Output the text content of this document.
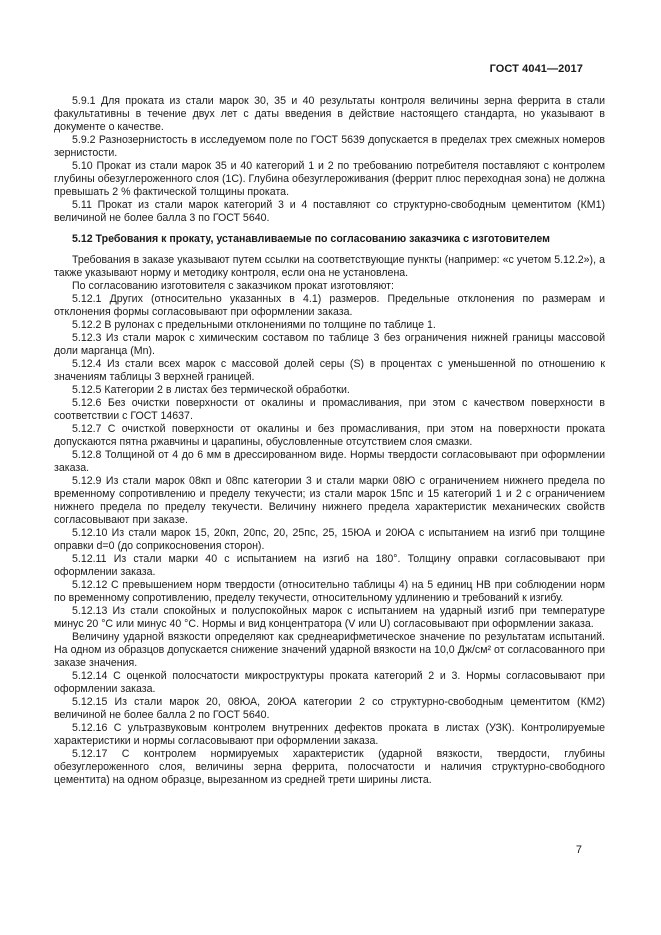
ГОСТ 4041—2017

5.9.1 Для проката из стали марок 30, 35 и 40 результаты контроля величины зерна феррита в стали факультативны в течение двух лет с даты введения в действие настоящего стандарта, но указывают в документе о качестве.

5.9.2 Разнозернистость в исследуемом поле по ГОСТ 5639 допускается в пределах трех смежных номеров зернистости.

5.10 Прокат из стали марок 35 и 40 категорий 1 и 2 по требованию потребителя поставляют с контролем глубины обезуглероженного слоя (1С). Глубина обезуглероживания (феррит плюс переходная зона) не должна превышать 2 % фактической толщины проката.

5.11 Прокат из стали марок категорий 3 и 4 поставляют со структурно-свободным цементитом (КМ1) величиной не более балла 3 по ГОСТ 5640.

5.12 Требования к прокату, устанавливаемые по согласованию заказчика с изготовителем

Требования в заказе указывают путем ссылки на соответствующие пункты (например: «с учетом 5.12.2»), а также указывают норму и методику контроля, если она не установлена.

По согласованию изготовителя с заказчиком прокат изготовляют:

5.12.1 Других (относительно указанных в 4.1) размеров. Предельные отклонения по размерам и отклонения формы согласовывают при оформлении заказа.

5.12.2 В рулонах с предельными отклонениями по толщине по таблице 1.

5.12.3 Из стали марок с химическим составом по таблице 3 без ограничения нижней границы массовой доли марганца (Mn).

5.12.4 Из стали всех марок с массовой долей серы (S) в процентах с уменьшенной по отношению к значениям таблицы 3 верхней границей.

5.12.5 Категории 2 в листах без термической обработки.

5.12.6 Без очистки поверхности от окалины и промасливания, при этом с качеством поверхности в соответствии с ГОСТ 14637.

5.12.7 С очисткой поверхности от окалины и без промасливания, при этом на поверхности проката допускаются пятна ржавчины и царапины, обусловленные отсутствием слоя смазки.

5.12.8 Толщиной от 4 до 6 мм в дрессированном виде. Нормы твердости согласовывают при оформлении заказа.

5.12.9 Из стали марок 08кп и 08пс категории 3 и стали марки 08Ю с ограничением нижнего предела по временному сопротивлению и пределу текучести; из стали марок 15пс и 15 категорий 1 и 2 с ограничением нижнего предела по пределу текучести. Величину нижнего предела характеристик механических свойств согласовывают при заказе.

5.12.10 Из стали марок 15, 20кп, 20пс, 20, 25пс, 25, 15ЮА и 20ЮА с испытанием на изгиб при толщине оправки d=0 (до соприкосновения сторон).

5.12.11 Из стали марки 40 с испытанием на изгиб на 180°. Толщину оправки согласовывают при оформлении заказа.

5.12.12 С превышением норм твердости (относительно таблицы 4) на 5 единиц НВ при соблюдении норм по временному сопротивлению, пределу текучести, относительному удлинению и требований к изгибу.

5.12.13 Из стали спокойных и полуспокойных марок с испытанием на ударный изгиб при температуре минус 20 °С или минус 40 °С. Нормы и вид концентратора (V или U) согласовывают при оформлении заказа.

Величину ударной вязкости определяют как среднеарифметическое значение по результатам испытаний. На одном из образцов допускается снижение значений ударной вязкости на 10,0 Дж/см² от согласованного при заказе значения.

5.12.14 С оценкой полосчатости микроструктуры проката категорий 2 и 3. Нормы согласовывают при оформлении заказа.

5.12.15 Из стали марок 20, 08ЮА, 20ЮА категории 2 со структурно-свободным цементитом (КМ2) величиной не более балла 2 по ГОСТ 5640.

5.12.16 С ультразвуковым контролем внутренних дефектов проката в листах (УЗК). Контролируемые характеристики и нормы согласовывают при оформлении заказа.

5.12.17 С контролем нормируемых характеристик (ударной вязкости, твердости, глубины обезуглероженного слоя, величины зерна феррита, полосчатости и наличия структурно-свободного цементита) на одном образце, вырезанном из средней трети ширины листа.

7
